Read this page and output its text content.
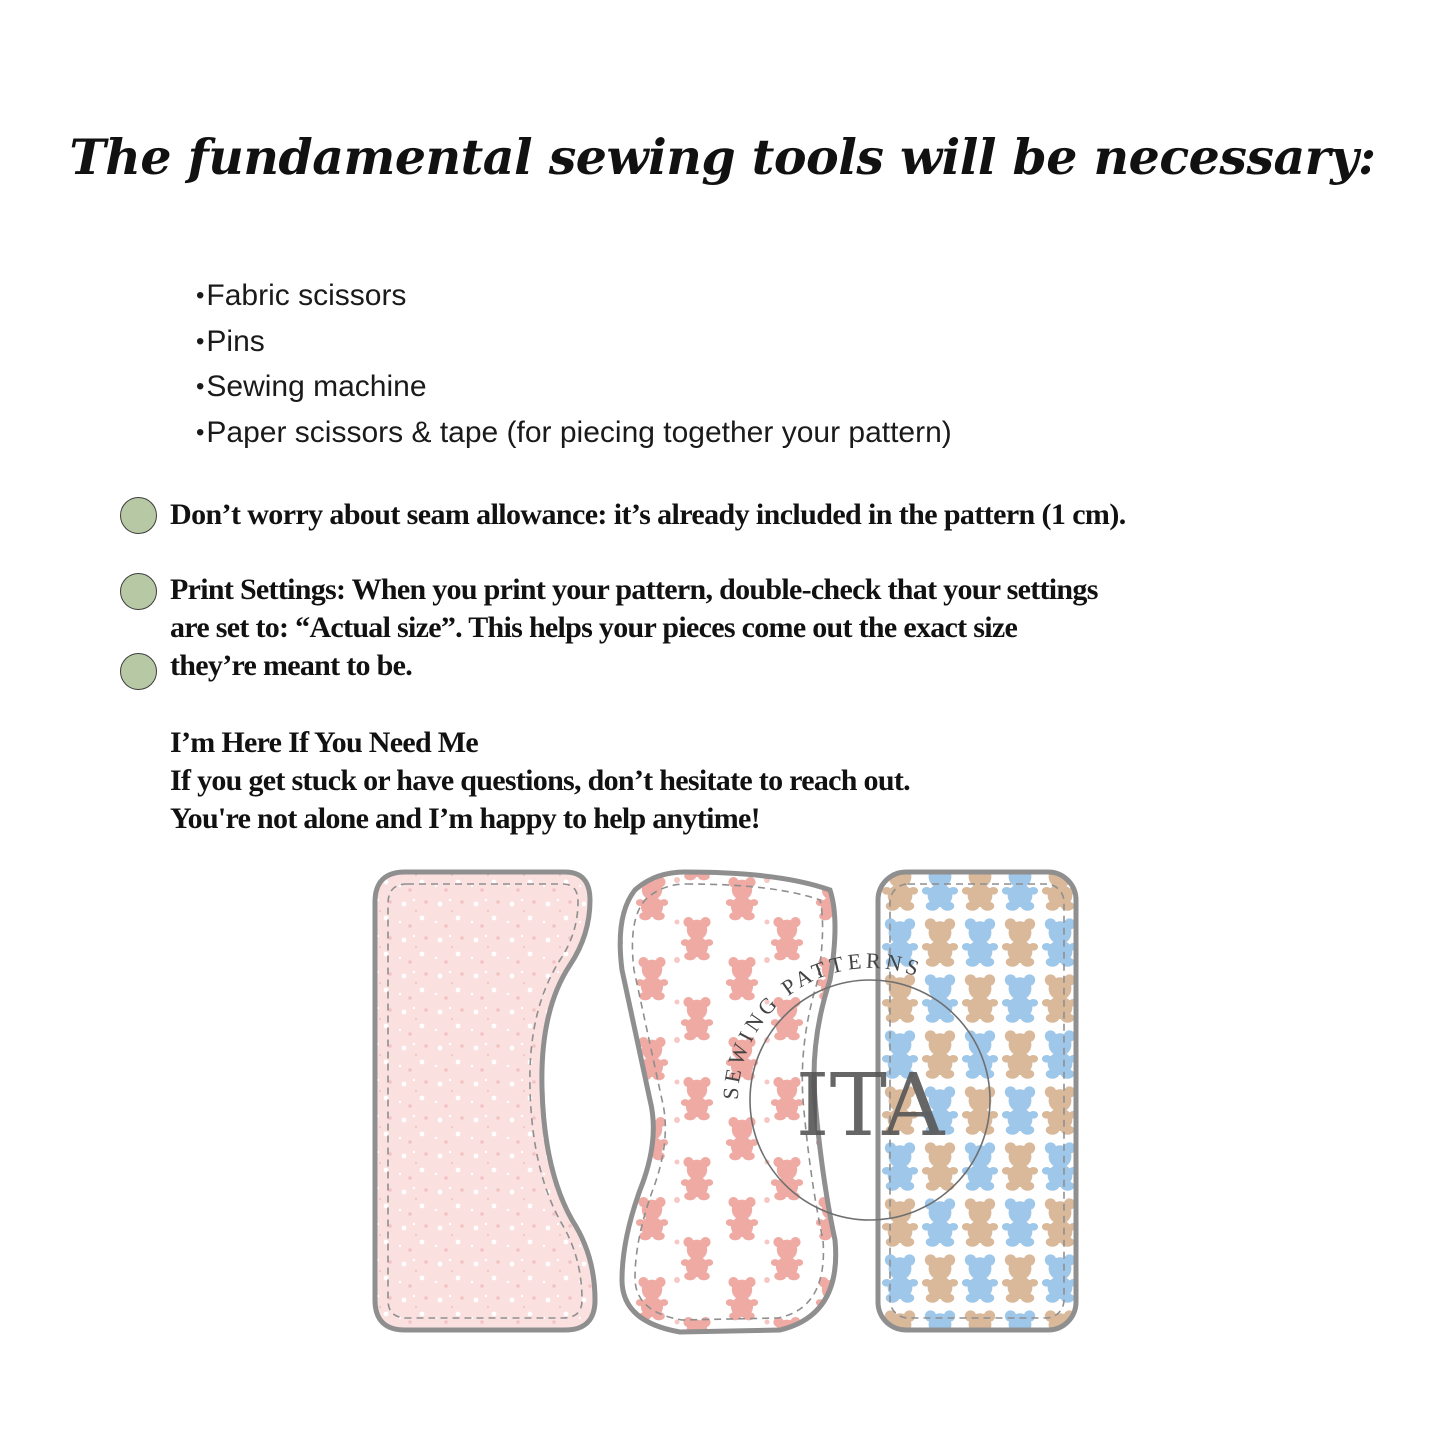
The fundamental sewing tools will be necessary:
•Fabric scissors
•Pins
•Sewing machine
•Paper scissors & tape (for piecing together your pattern)
Don’t worry about seam allowance: it’s already included in the pattern (1 cm).
Print Settings: When you print your pattern, double-check that your settings
are set to: “Actual size”. This helps your pieces come out the exact size
they’re meant to be.
I’m Here If You Need Me
If you get stuck or have questions, don’t hesitate to reach out.
You're not alone and I’m happy to help anytime!
ITA
SEWING PATTERNS
